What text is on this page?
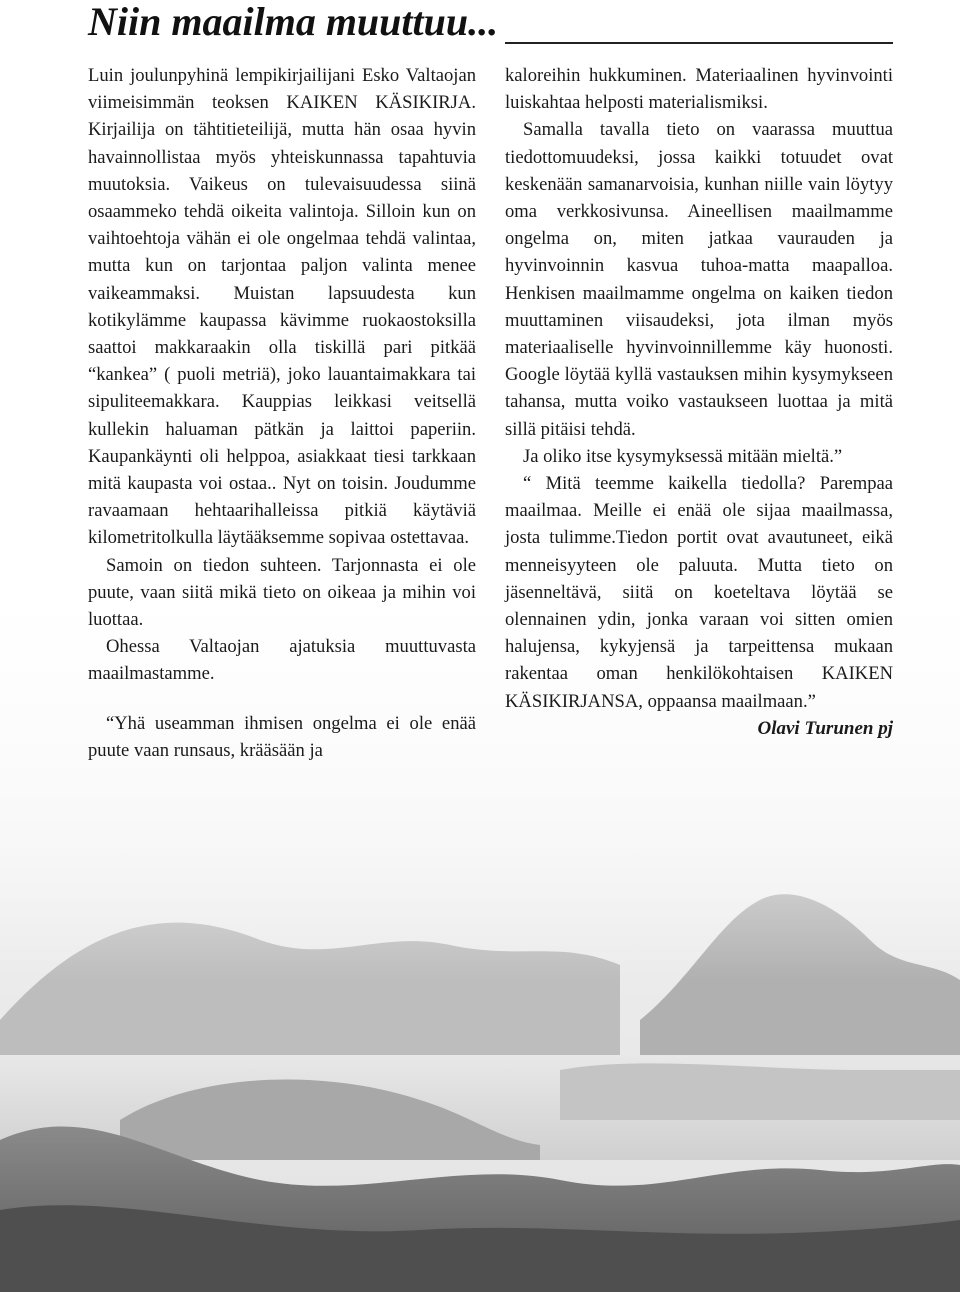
Niin maailma muuttuu...

Luin joulunpyhinä lempikirjailijani Esko Valtaojan viimeisimmän teoksen KAIKEN KÄSIKIRJA. Kirjailija on tähtitieteilijä, mutta hän osaa hyvin havainnollistaa myös yhteiskunnassa tapahtuvia muutoksia. Vaikeus on tulevaisuudessa siinä osaammeko tehdä oikeita valintoja. Silloin kun on vaihtoehtoja vähän ei ole ongelmaa tehdä valintaa, mutta kun on tarjontaa paljon valinta menee vaikeammaksi. Muistan lapsuudesta kun kotikylämme kaupassa kävimme ruokaostoksilla saattoi makkaraakin olla tiskillä pari pitkää “kankea” ( puoli metriä), joko lauantaimakkara tai sipuliteemakkara. Kauppias leikkasi veitsellä kullekin haluaman pätkän ja laittoi paperiin. Kaupankäynti oli helppoa, asiakkaat tiesi tarkkaan mitä kaupasta voi ostaa.. Nyt on toisin. Joudumme ravaamaan hehtaarihalleissa pitkiä käytäviä kilometritolkulla läytääksemme sopivaa ostettavaa.

Samoin on tiedon suhteen. Tarjonnasta ei ole puute, vaan siitä mikä tieto on oikeaa ja mihin voi luottaa.

Ohessa Valtaojan ajatuksia muuttuvasta maailmastamme.

“Yhä useamman ihmisen ongelma ei ole enää puute vaan runsaus, krääsään ja

kaloreihin hukkuminen. Materiaalinen hyvinvointi luiskahtaa helposti materialismiksi.

Samalla tavalla tieto on vaarassa muuttua tiedottomuudeksi, jossa kaikki totuudet ovat keskenään samanarvoisia, kunhan niille vain löytyy oma verkkosivunsa. Aineellisen maailmamme ongelma on, miten jatkaa vaurauden ja hyvinvoinnin kasvua tuhoa-matta maapalloa. Henkisen maailmamme ongelma on kaiken tiedon muuttaminen viisaudeksi, jota ilman myös materiaaliselle hyvinvoinnillemme käy huonosti. Google löytää kyllä vastauksen mihin kysymykseen tahansa, mutta voiko vastaukseen luottaa ja mitä sillä pitäisi tehdä.

Ja oliko itse kysymyksessä mitään mieltä.”

“ Mitä teemme kaikella tiedolla? Parempaa maailmaa. Meille ei enää ole sijaa maailmassa, josta tulimme.Tiedon portit ovat avautuneet, eikä menneisyyteen ole paluuta. Mutta tieto on jäsenneltävä, siitä on koeteltava löytää se olennainen ydin, jonka varaan voi sitten omien halujensa, kykyjensä ja tarpeittensa mukaan rakentaa oman henkilökohtaisen KAIKEN KÄSIKIRJANSA, oppaansa maailmaan.”

Olavi Turunen pj
